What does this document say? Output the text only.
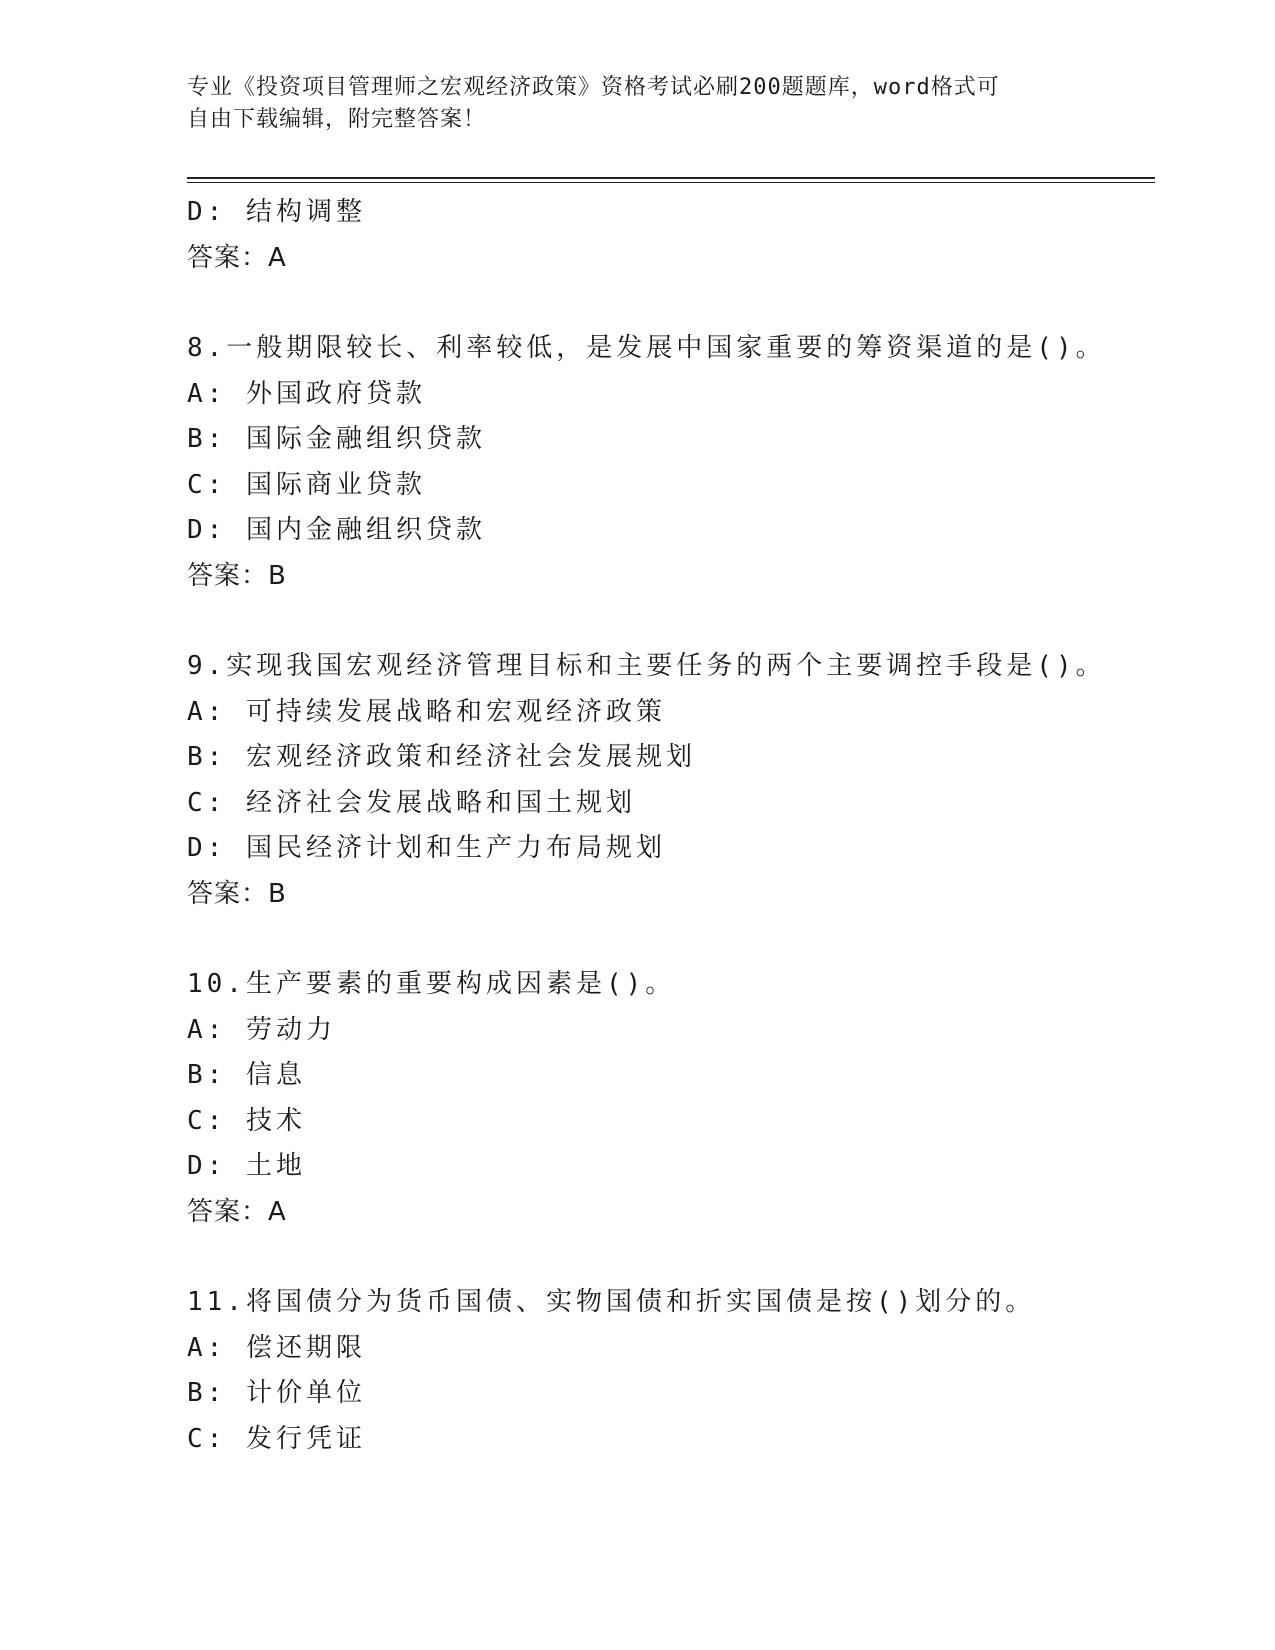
专业《投资项目管理师之宏观经济政策》资格考试必刷200题题库，word格式可
自由下载编辑，附完整答案！
D: 结构调整
答案：A
8.一般期限较长、利率较低，是发展中国家重要的筹资渠道的是()。
A: 外国政府贷款
B: 国际金融组织贷款
C: 国际商业贷款
D: 国内金融组织贷款
答案：B
9.实现我国宏观经济管理目标和主要任务的两个主要调控手段是()。
A: 可持续发展战略和宏观经济政策
B: 宏观经济政策和经济社会发展规划
C: 经济社会发展战略和国土规划
D: 国民经济计划和生产力布局规划
答案：B
10.生产要素的重要构成因素是()。
A: 劳动力
B: 信息
C: 技术
D: 土地
答案：A
11.将国债分为货币国债、实物国债和折实国债是按()划分的。
A: 偿还期限
B: 计价单位
C: 发行凭证
